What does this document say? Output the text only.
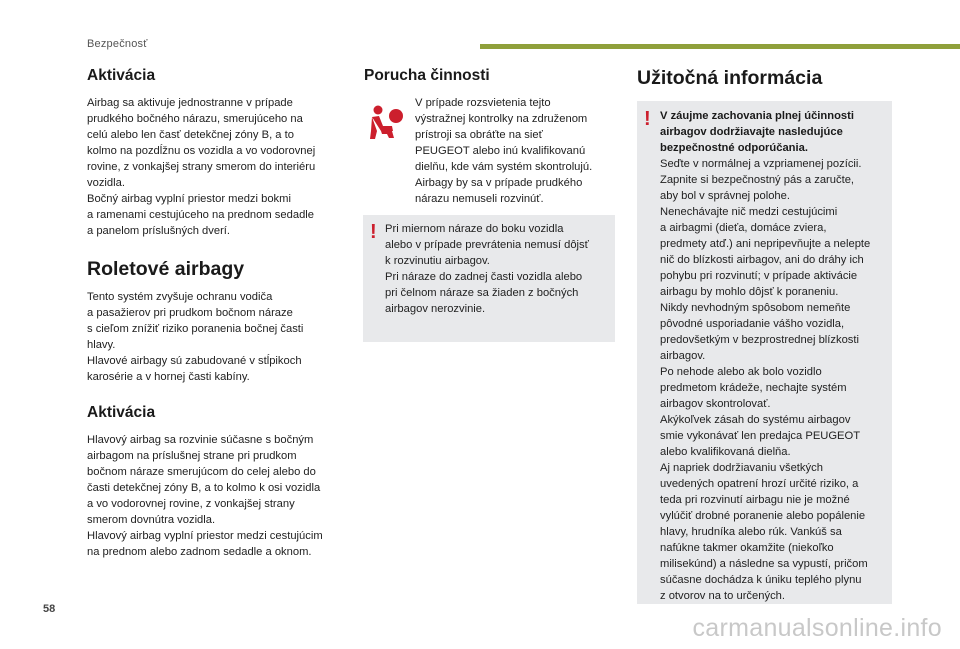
Bezpečnosť
Aktivácia

Airbag sa aktivuje jednostranne v prípade
prudkého bočného nárazu, smerujúceho na
celú alebo len časť detekčnej zóny B, a to
kolmo na pozdĺžnu os vozidla a vo vodorovnej
rovine, z vonkajšej strany smerom do interiéru
vozidla.
Bočný airbag vyplní priestor medzi bokmi
a ramenami cestujúceho na prednom sedadle
a panelom príslušných dverí.

Roletové airbagy

Tento systém zvyšuje ochranu vodiča
a pasažierov pri prudkom bočnom náraze
s cieľom znížiť riziko poranenia bočnej časti
hlavy.
Hlavové airbagy sú zabudované v stĺpikoch
karosérie a v hornej časti kabíny.

Aktivácia

Hlavový airbag sa rozvinie súčasne s bočným
airbagom na príslušnej strane pri prudkom
bočnom náraze smerujúcom do celej alebo do
časti detekčnej zóny B, a to kolmo k osi vozidla
a vo vodorovnej rovine, z vonkajšej strany
smerom dovnútra vozidla.
Hlavový airbag vyplní priestor medzi cestujúcim
na prednom alebo zadnom sedadle a oknom.

Porucha činnosti

V prípade rozsvietenia tejto
výstražnej kontrolky na združenom
prístroji sa obráťte na sieť
PEUGEOT alebo inú kvalifikovanú
dielňu, kde vám systém skontrolujú.
Airbagy by sa v prípade prudkého
nárazu nemuseli rozvinúť.

! Pri miernom náraze do boku vozidla
alebo v prípade prevrátenia nemusí dôjsť
k rozvinutiu airbagov.
Pri náraze do zadnej časti vozidla alebo
pri čelnom náraze sa žiaden z bočných
airbagov nerozvinie.

Užitočná informácia
! V záujme zachovania plnej účinnosti
airbagov dodržiavajte nasledujúce
bezpečnostné odporúčania.

Seďte v normálnej a vzpriamenej pozícii.
Zapnite si bezpečnostný pás a zaručte,
aby bol v správnej polohe.
Nenechávajte nič medzi cestujúcimi
a airbagmi (dieťa, domáce zviera,
predmety atď.) ani nepripevňujte a nelepte
nič do blízkosti airbagov, ani do dráhy ich
pohybu pri rozvinutí; v prípade aktivácie
airbagu by mohlo dôjsť k poraneniu.
Nikdy nevhodným spôsobom nemeňte
pôvodné usporiadanie vášho vozidla,
predovšetkým v bezprostrednej blízkosti
airbagov.
Po nehode alebo ak bolo vozidlo
predmetom krádeže, nechajte systém
airbagov skontrolovať.
Akýkoľvek zásah do systému airbagov
smie vykonávať len predajca PEUGEOT
alebo kvalifikovaná dielňa.
Aj napriek dodržiavaniu všetkých
uvedených opatrení hrozí určité riziko, a
teda pri rozvinutí airbagu nie je možné
vylúčiť drobné poranenie alebo popálenie
hlavy, hrudníka alebo rúk. Vankúš sa
nafúkne takmer okamžite (niekoľko
milisekúnd) a následne sa vypustí, pričom
súčasne dochádza k úniku teplého plynu
z otvorov na to určených.

58
carmanualsonline.info
